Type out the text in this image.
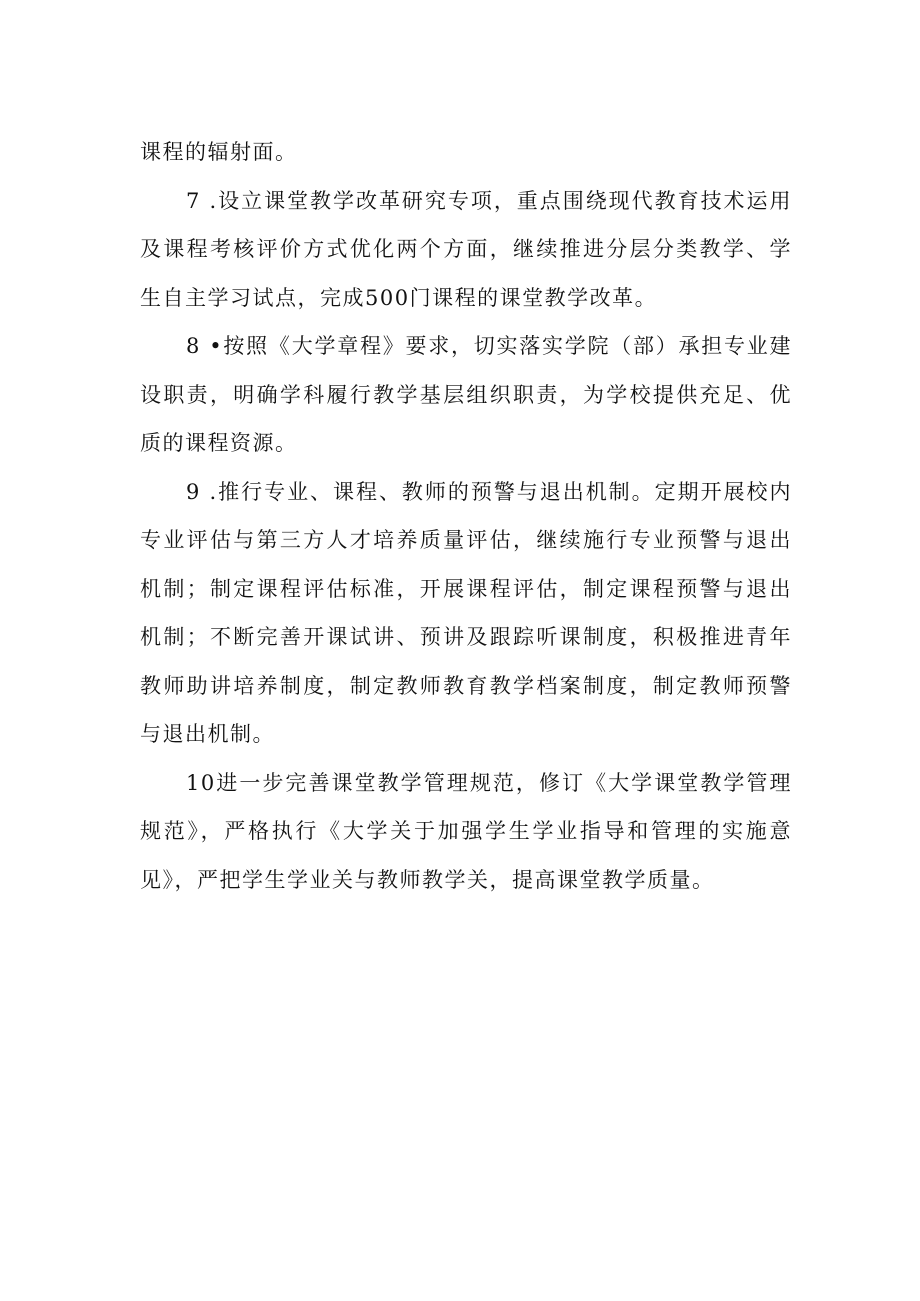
课程的辐射面。

7 .设立课堂教学改革研究专项，重点围绕现代教育技术运用及课程考核评价方式优化两个方面，继续推进分层分类教学、学生自主学习试点，完成500门课程的课堂教学改革。

8 •按照《大学章程》要求，切实落实学院（部）承担专业建设职责，明确学科履行教学基层组织职责，为学校提供充足、优质的课程资源。

9 .推行专业、课程、教师的预警与退出机制。定期开展校内专业评估与第三方人才培养质量评估，继续施行专业预警与退出机制；制定课程评估标准，开展课程评估，制定课程预警与退出机制；不断完善开课试讲、预讲及跟踪听课制度，积极推进青年教师助讲培养制度，制定教师教育教学档案制度，制定教师预警与退出机制。

10进一步完善课堂教学管理规范，修订《大学课堂教学管理规范》，严格执行《大学关于加强学生学业指导和管理的实施意见》，严把学生学业关与教师教学关，提高课堂教学质量。
